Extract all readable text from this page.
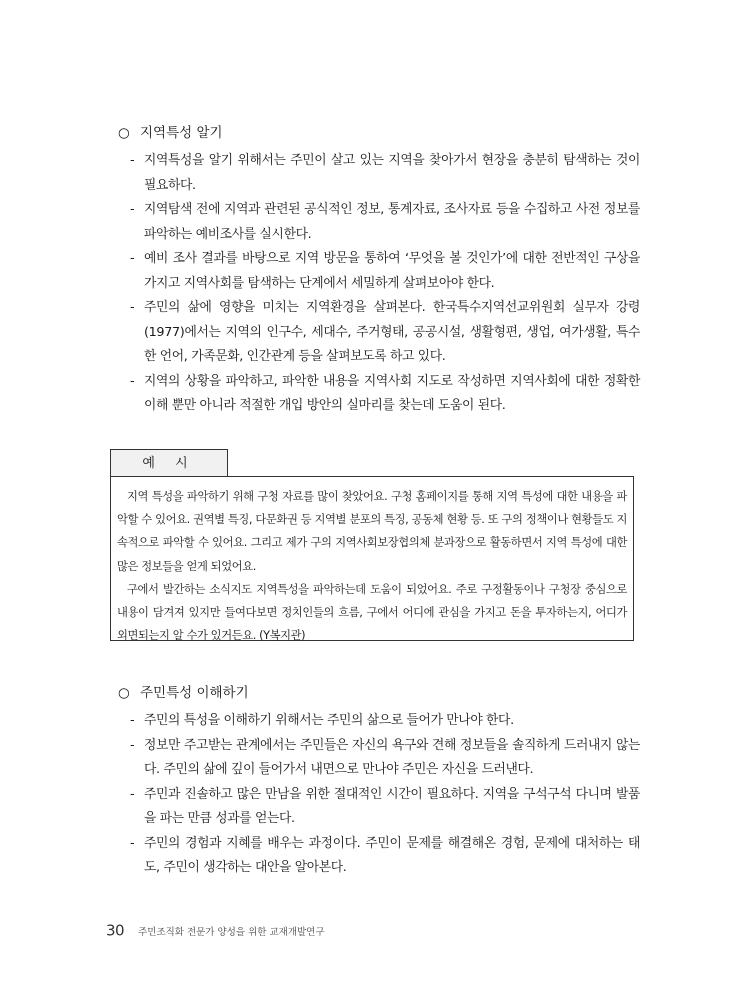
○ 지역특성 알기
- 지역특성을 알기 위해서는 주민이 살고 있는 지역을 찾아가서 현장을 충분히 탐색하는 것이 필요하다.
- 지역탐색 전에 지역과 관련된 공식적인 정보, 통계자료, 조사자료 등을 수집하고 사전 정보를 파악하는 예비조사를 실시한다.
- 예비 조사 결과를 바탕으로 지역 방문을 통하여 ‘무엇을 볼 것인가’에 대한 전반적인 구상을 가지고 지역사회를 탐색하는 단계에서 세밀하게 살펴보아야 한다.
- 주민의 삶에 영향을 미치는 지역환경을 살펴본다. 한국특수지역선교위원회 실무자 강령(1977)에서는 지역의 인구수, 세대수, 주거형태, 공공시설, 생활형편, 생업, 여가생활, 특수한 언어, 가족문화, 인간관계 등을 살펴보도록 하고 있다.
- 지역의 상황을 파악하고, 파악한 내용을 지역사회 지도로 작성하면 지역사회에 대한 정확한 이해 뿐만 아니라 적절한 개입 방안의 실마리를 찾는데 도움이 된다.
예 시

지역 특성을 파악하기 위해 구청 자료를 많이 찾았어요. 구청 홈페이지를 통해 지역 특성에 대한 내용을 파악할 수 있어요. 권역별 특징, 다문화권 등 지역별 분포의 특징, 공동체 현황 등. 또 구의 정책이나 현황들도 지속적으로 파악할 수 있어요. 그리고 제가 구의 지역사회보장협의체 분과장으로 활동하면서 지역 특성에 대한 많은 정보들을 얻게 되었어요.

구에서 발간하는 소식지도 지역특성을 파악하는데 도움이 되었어요. 주로 구정활동이나 구청장 중심으로 내용이 담겨져 있지만 들여다보면 정치인들의 흐름, 구에서 어디에 관심을 가지고 돈을 투자하는지, 어디가 외면되는지 알 수가 있거든요. (Y복지관)

○ 주민특성 이해하기
- 주민의 특성을 이해하기 위해서는 주민의 삶으로 들어가 만나야 한다.
- 정보만 주고받는 관계에서는 주민들은 자신의 욕구와 견해 정보들을 솔직하게 드러내지 않는다. 주민의 삶에 깊이 들어가서 내면으로 만나야 주민은 자신을 드러낸다.
- 주민과 진솔하고 많은 만남을 위한 절대적인 시간이 필요하다. 지역을 구석구석 다니며 발품을 파는 만큼 성과를 얻는다.
- 주민의 경험과 지혜를 배우는 과정이다. 주민이 문제를 해결해온 경험, 문제에 대처하는 태도, 주민이 생각하는 대안을 알아본다.
30 주민조직화 전문가 양성을 위한 교재개발연구
